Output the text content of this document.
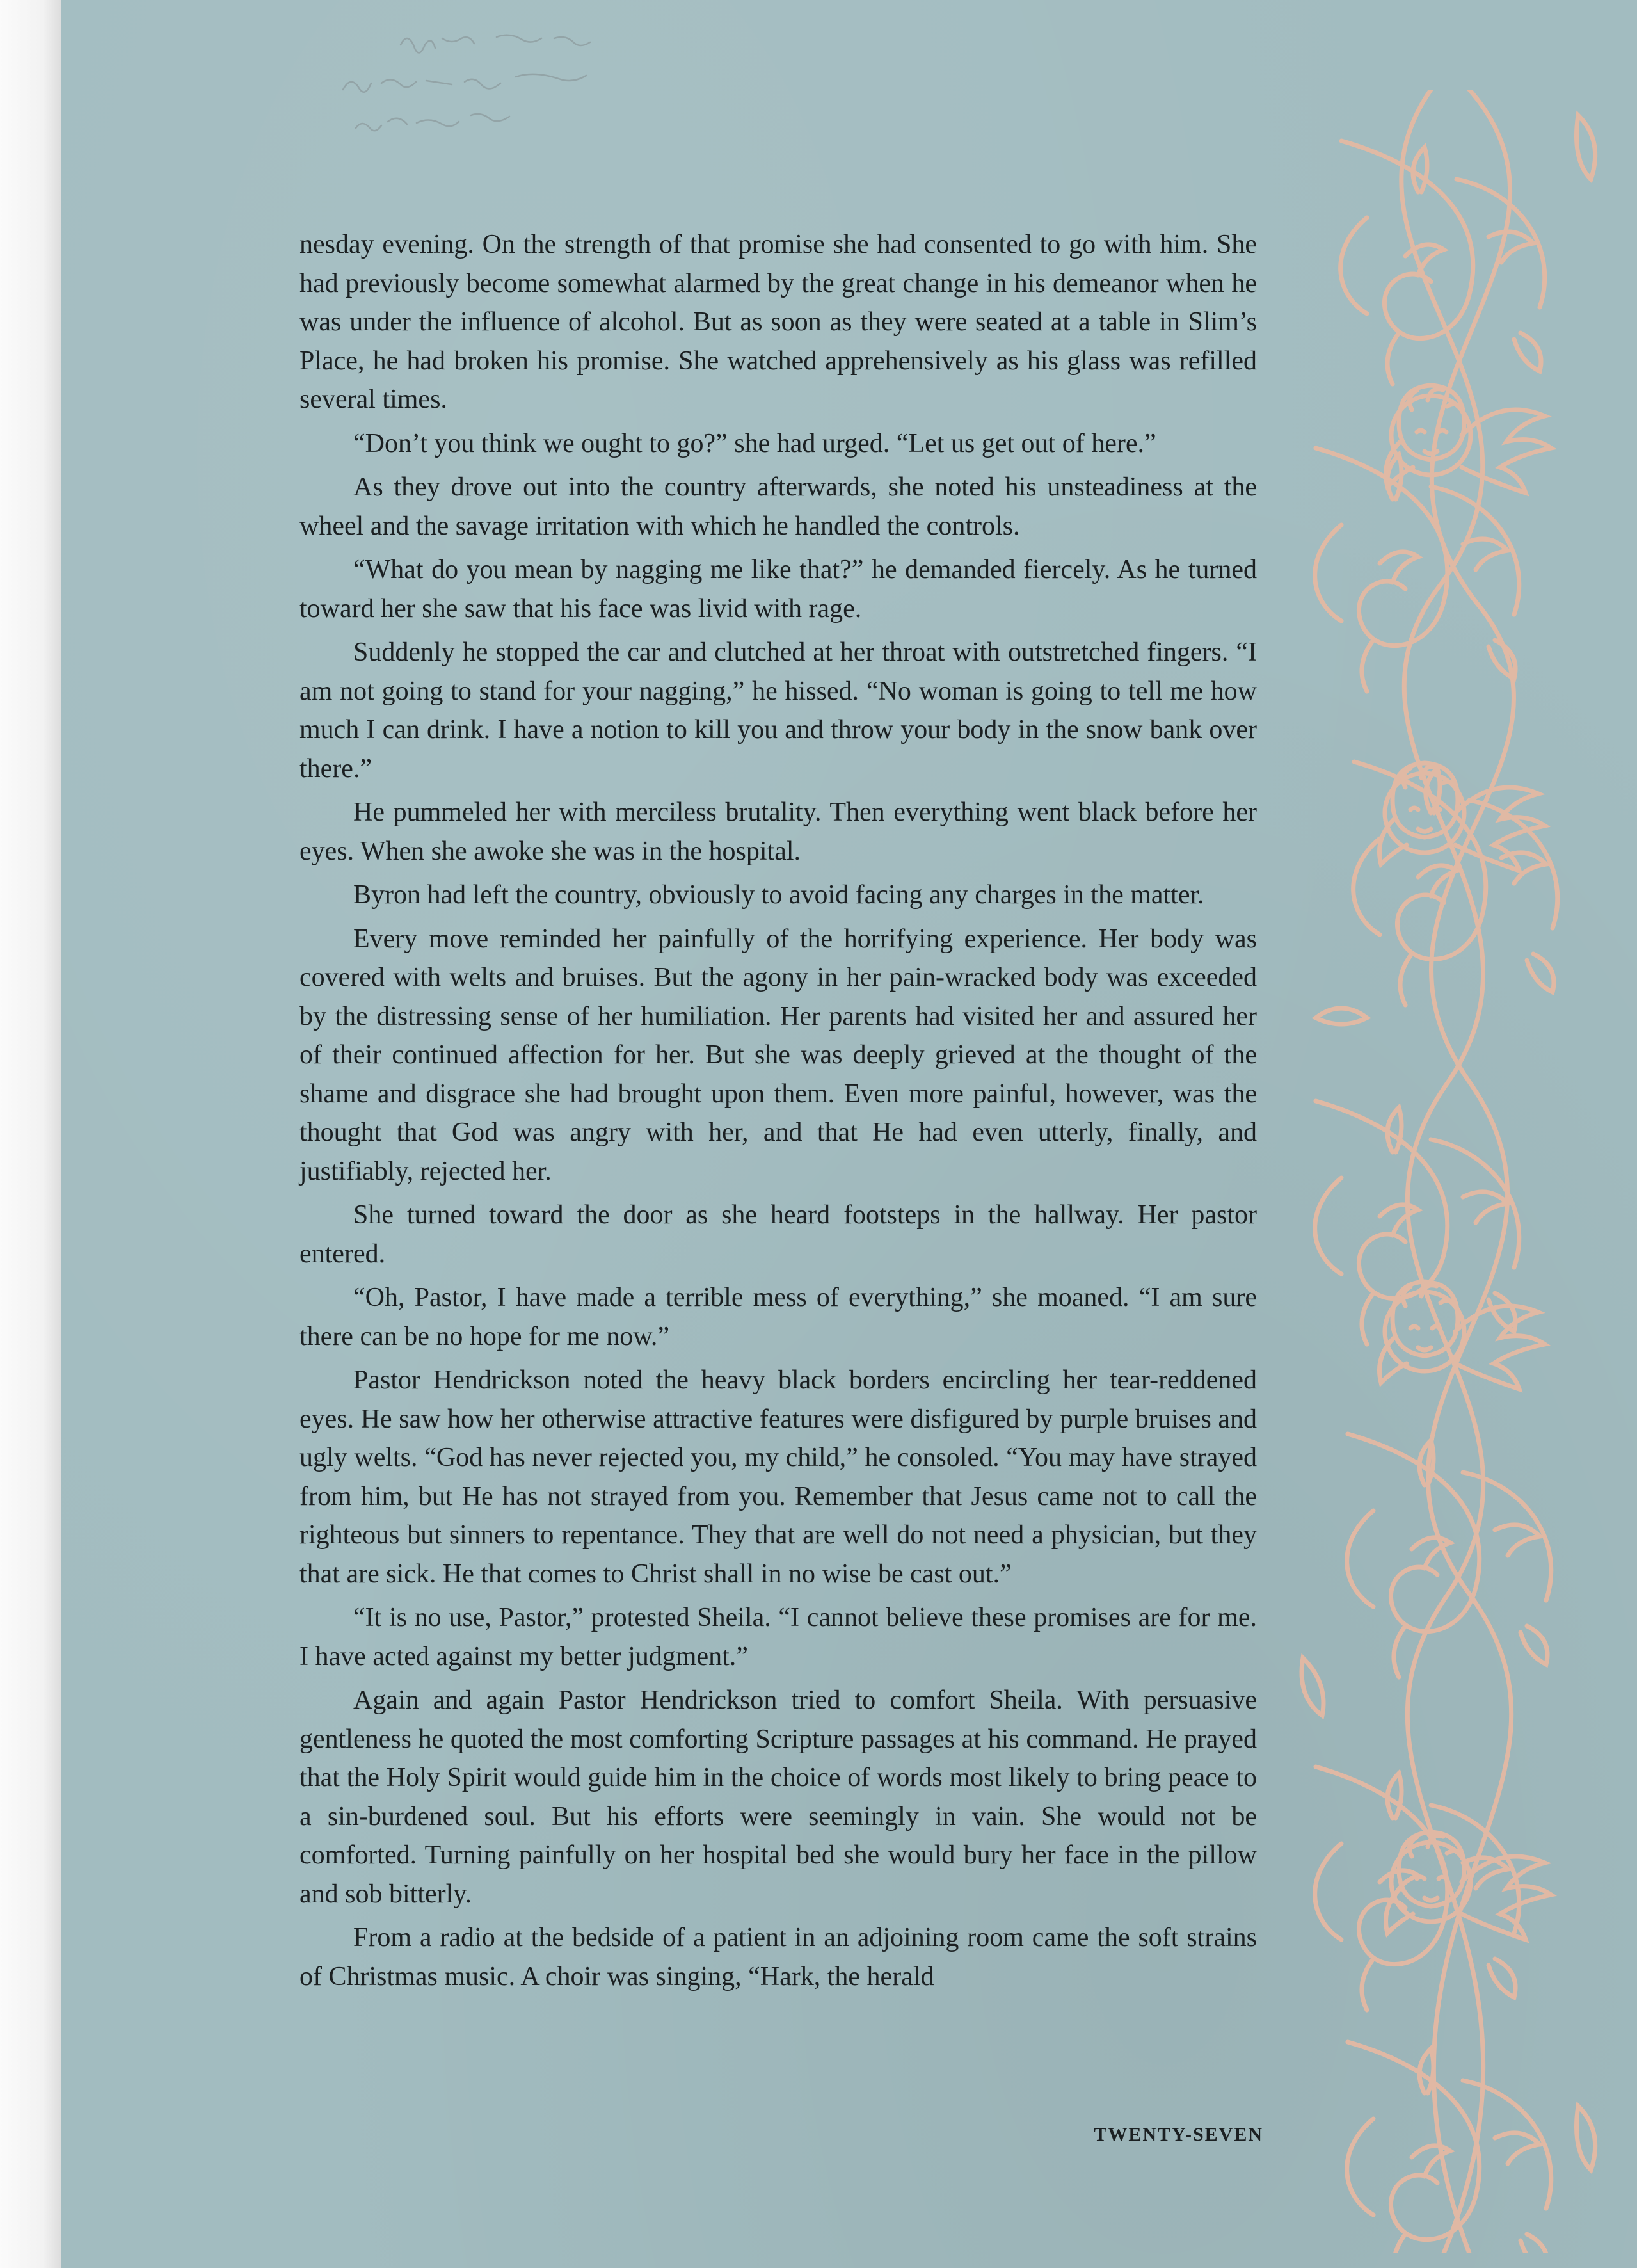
nesday evening. On the strength of that promise she had consented to go with him. She had previously become somewhat alarmed by the great change in his demeanor when he was under the influence of alcohol. But as soon as they were seated at a table in Slim’s Place, he had broken his promise. She watched apprehensively as his glass was refilled several times.

“Don’t you think we ought to go?” she had urged. “Let us get out of here.”

As they drove out into the country afterwards, she noted his unsteadiness at the wheel and the savage irritation with which he handled the controls.

“What do you mean by nagging me like that?” he demanded fiercely. As he turned toward her she saw that his face was livid with rage.

Suddenly he stopped the car and clutched at her throat with outstretched fingers. “I am not going to stand for your nagging,” he hissed. “No woman is going to tell me how much I can drink. I have a notion to kill you and throw your body in the snow bank over there.”

He pummeled her with merciless brutality. Then everything went black before her eyes. When she awoke she was in the hospital.

Byron had left the country, obviously to avoid facing any charges in the matter.

Every move reminded her painfully of the horrifying experience. Her body was covered with welts and bruises. But the agony in her pain-wracked body was exceeded by the distressing sense of her humiliation. Her parents had visited her and assured her of their continued affection for her. But she was deeply grieved at the thought of the shame and disgrace she had brought upon them. Even more painful, however, was the thought that God was angry with her, and that He had even utterly, finally, and justifiably, rejected her.

She turned toward the door as she heard footsteps in the hallway. Her pastor entered.

“Oh, Pastor, I have made a terrible mess of everything,” she moaned. “I am sure there can be no hope for me now.”

Pastor Hendrickson noted the heavy black borders encircling her tear-reddened eyes. He saw how her otherwise attractive features were disfigured by purple bruises and ugly welts. “God has never rejected you, my child,” he consoled. “You may have strayed from him, but He has not strayed from you. Remember that Jesus came not to call the righteous but sinners to repentance. They that are well do not need a physician, but they that are sick. He that comes to Christ shall in no wise be cast out.”

“It is no use, Pastor,” protested Sheila. “I cannot believe these promises are for me. I have acted against my better judgment.”

Again and again Pastor Hendrickson tried to comfort Sheila. With persuasive gentleness he quoted the most comforting Scripture passages at his command. He prayed that the Holy Spirit would guide him in the choice of words most likely to bring peace to a sin-burdened soul. But his efforts were seemingly in vain. She would not be comforted. Turning painfully on her hospital bed she would bury her face in the pillow and sob bitterly.

From a radio at the bedside of a patient in an adjoining room came the soft strains of Christmas music. A choir was singing, “Hark, the herald

TWENTY-SEVEN
